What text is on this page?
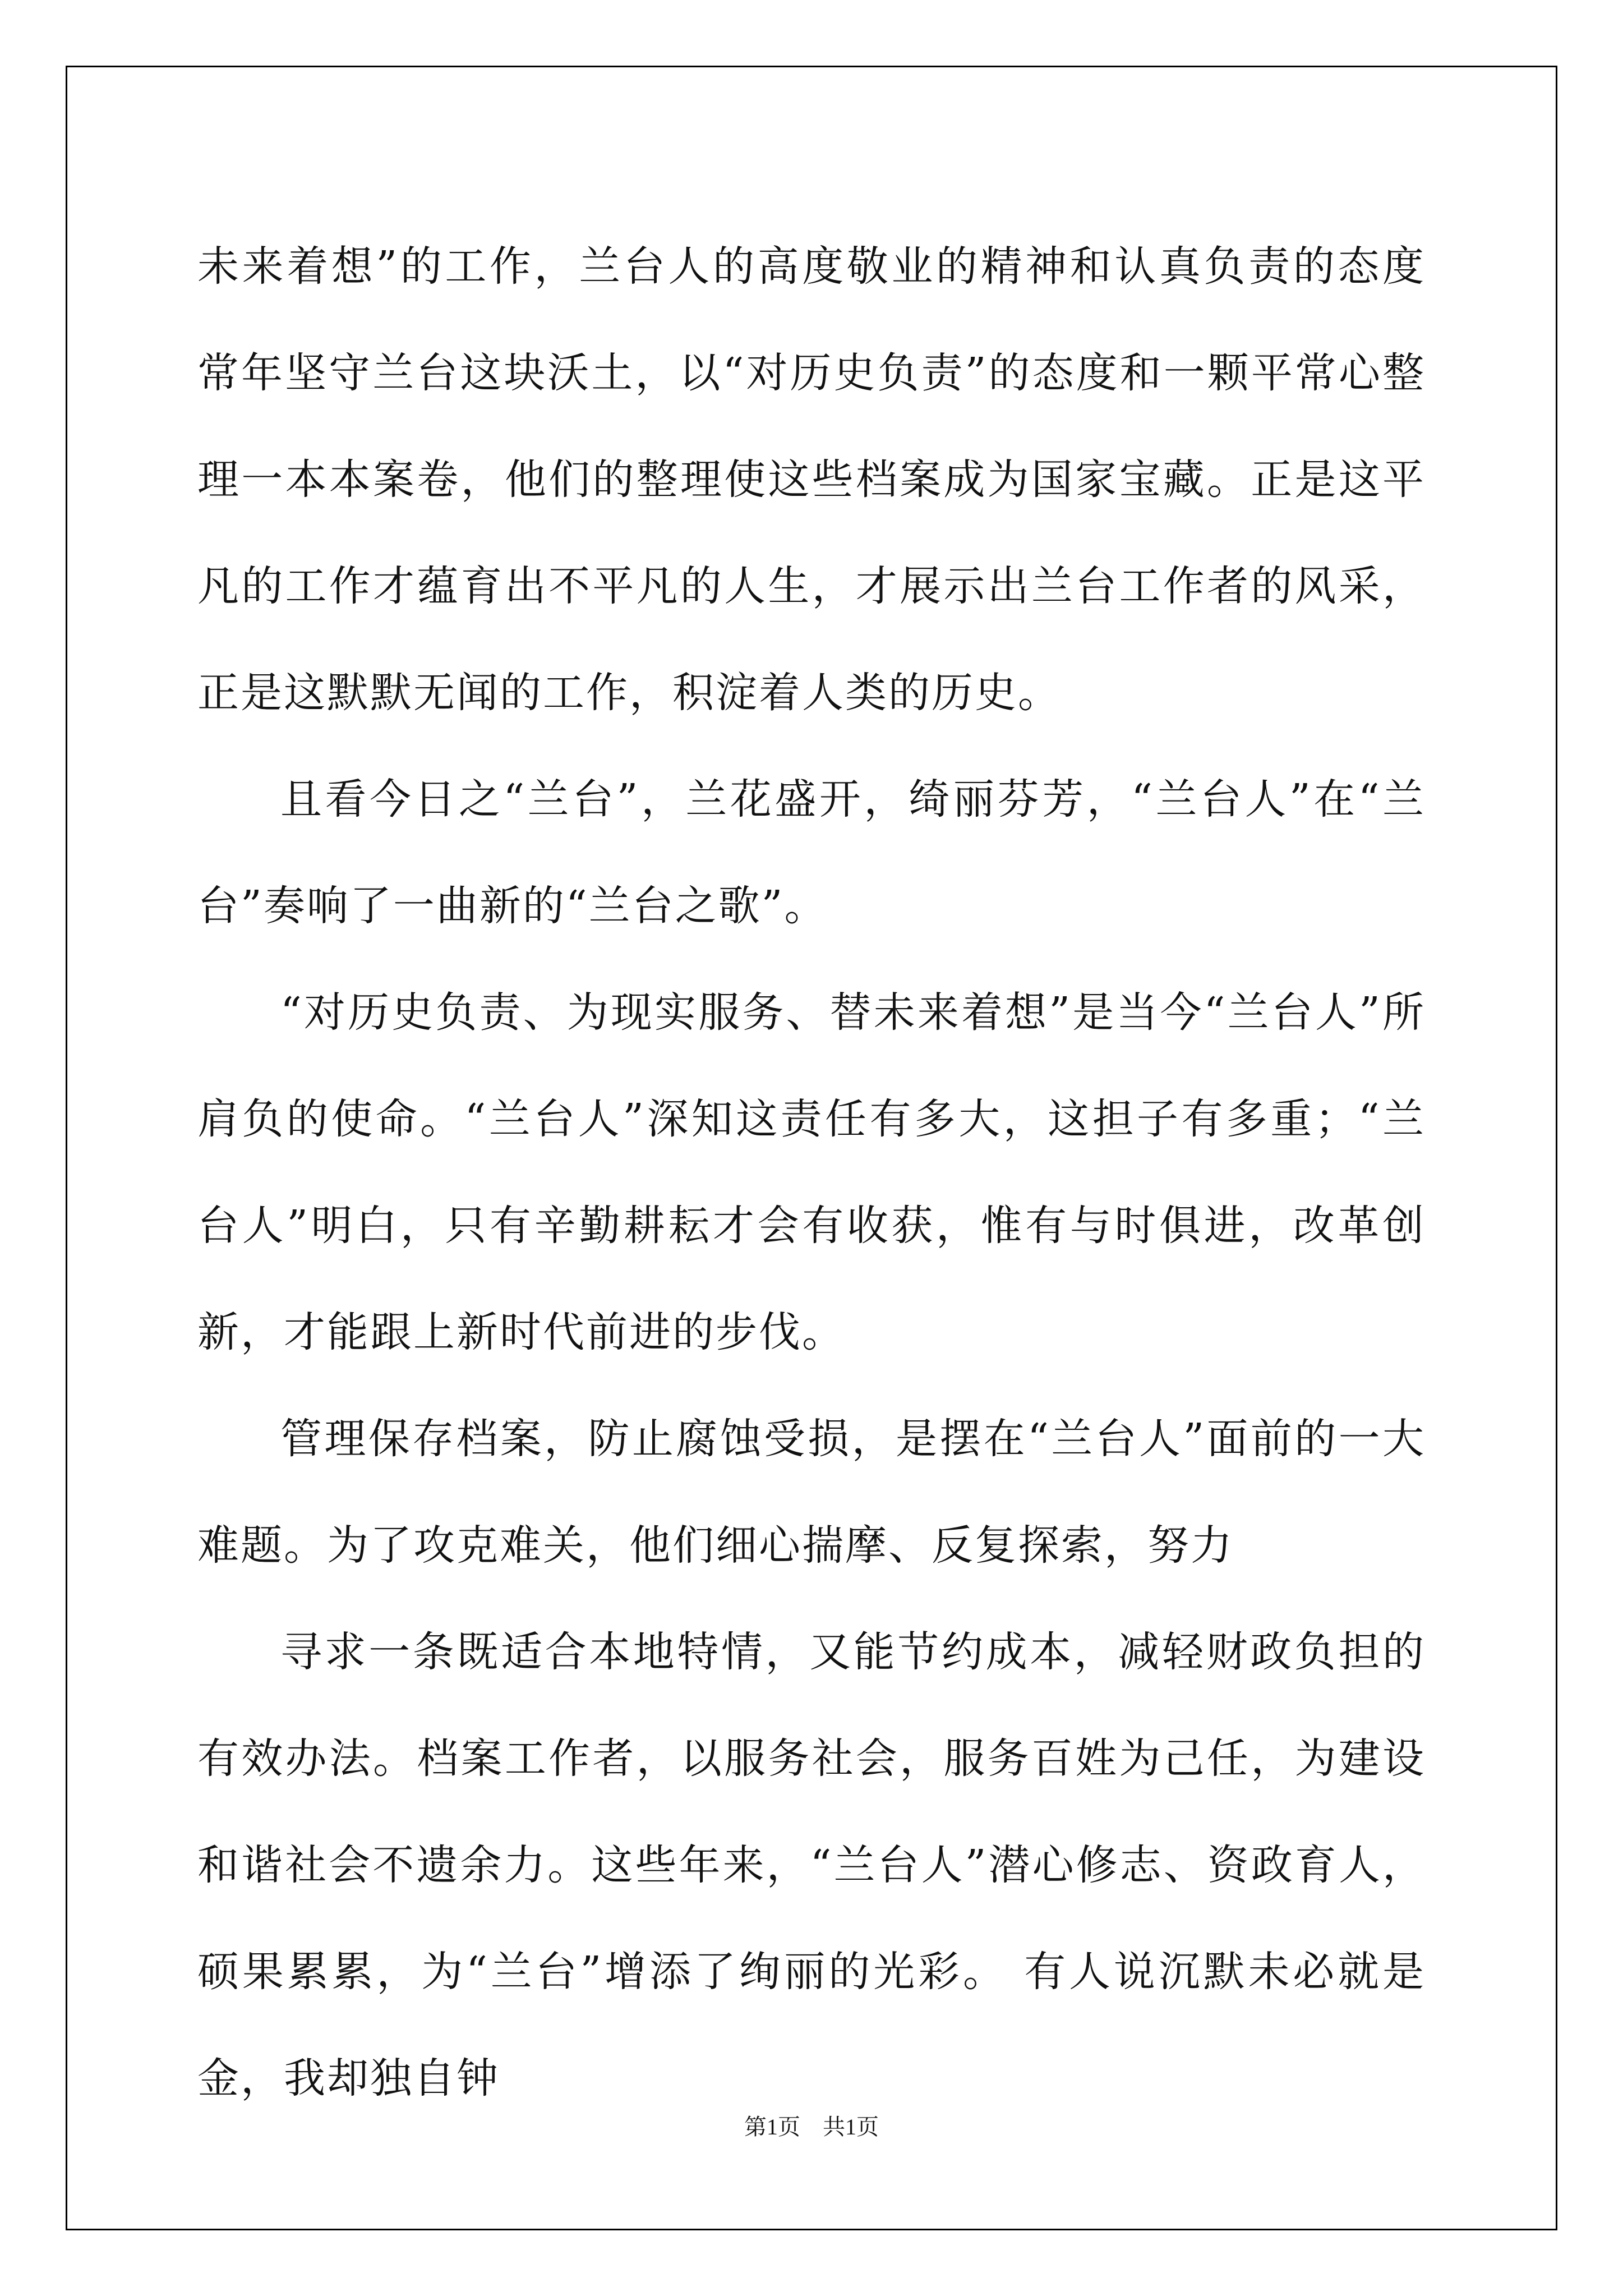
未来着想”的工作，兰台人的高度敬业的精神和认真负责的态度常年坚守兰台这块沃土，以“对历史负责”的态度和一颗平常心整理一本本案卷，他们的整理使这些档案成为国家宝藏。正是这平凡的工作才蕴育出不平凡的人生，才展示出兰台工作者的风采，正是这默默无闻的工作，积淀着人类的历史。

且看今日之“兰台”，兰花盛开，绮丽芬芳，“兰台人”在“兰台”奏响了一曲新的“兰台之歌”。

“对历史负责、为现实服务、替未来着想”是当今“兰台人”所肩负的使命。“兰台人”深知这责任有多大，这担子有多重；“兰台人”明白，只有辛勤耕耘才会有收获，惟有与时俱进，改革创新，才能跟上新时代前进的步伐。

管理保存档案，防止腐蚀受损，是摆在“兰台人”面前的一大难题。为了攻克难关，他们细心揣摩、反复探索，努力

寻求一条既适合本地特情，又能节约成本，减轻财政负担的有效办法。档案工作者，以服务社会，服务百姓为己任，为建设和谐社会不遗余力。这些年来，“兰台人”潜心修志、资政育人，硕果累累，为“兰台”增添了绚丽的光彩。 有人说沉默未必就是金，我却独自钟

第1页　共1页
